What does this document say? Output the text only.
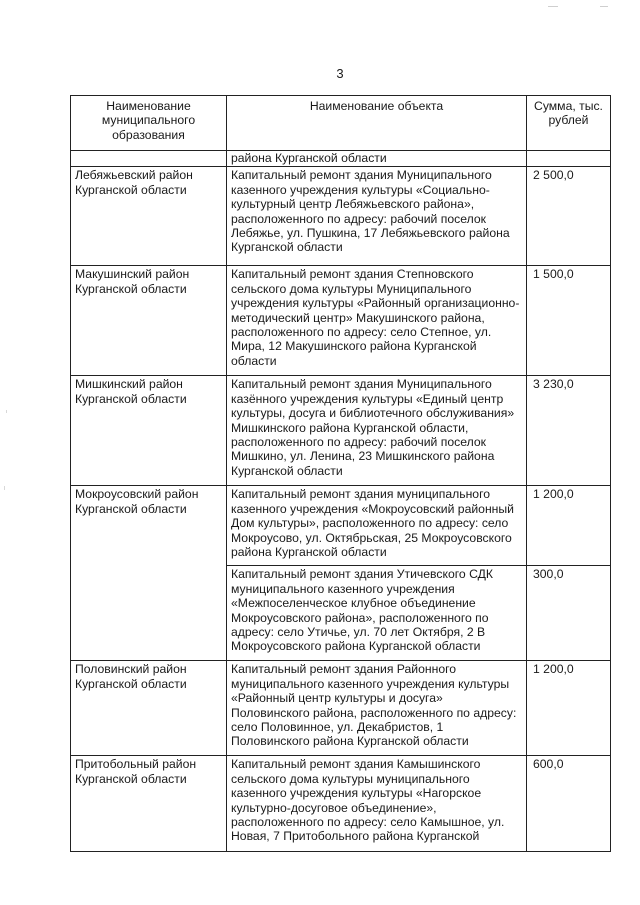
3
Наименование муниципального образования	Наименование объекта	Сумма, тыс. рублей
	района Курганской области	
Лебяжьевский район Курганской области	Капитальный ремонт здания Муниципального казенного учреждения культуры «Социально-культурный центр Лебяжьевского района», расположенного по адресу: рабочий поселок Лебяжье, ул. Пушкина, 17 Лебяжьевского района Курганской области	2 500,0
Макушинский район Курганской области	Капитальный ремонт здания Степновского сельского дома культуры Муниципального учреждения культуры «Районный организационно-методический центр» Макушинского района, расположенного по адресу: село Степное, ул. Мира, 12 Макушинского района Курганской области	1 500,0
Мишкинский район Курганской области	Капитальный ремонт здания Муниципального казённого учреждения культуры «Единый центр культуры, досуга и библиотечного обслуживания» Мишкинского района Курганской области, расположенного по адресу: рабочий поселок Мишкино, ул. Ленина, 23 Мишкинского района Курганской области	3 230,0
Мокроусовский район Курганской области	Капитальный ремонт здания муниципального казенного учреждения «Мокроусовский районный Дом культуры», расположенного по адресу: село Мокроусово, ул. Октябрьская, 25 Мокроусовского района Курганской области	1 200,0
	Капитальный ремонт здания Утичевского СДК муниципального казенного учреждения «Межпоселенческое клубное объединение Мокроусовского района», расположенного по адресу: село Утичье, ул. 70 лет Октября, 2 В Мокроусовского района Курганской области	300,0
Половинский район Курганской области	Капитальный ремонт здания Районного муниципального казенного учреждения культуры «Районный центр культуры и досуга» Половинского района, расположенного по адресу: село Половинное, ул. Декабристов, 1 Половинского района Курганской области	1 200,0
Притобольный район Курганской области	Капитальный ремонт здания Камышинского сельского дома культуры муниципального казенного учреждения культуры «Нагорское культурно-досуговое объединение», расположенного по адресу: село Камышное, ул. Новая, 7 Притобольного района Курганской	600,0
